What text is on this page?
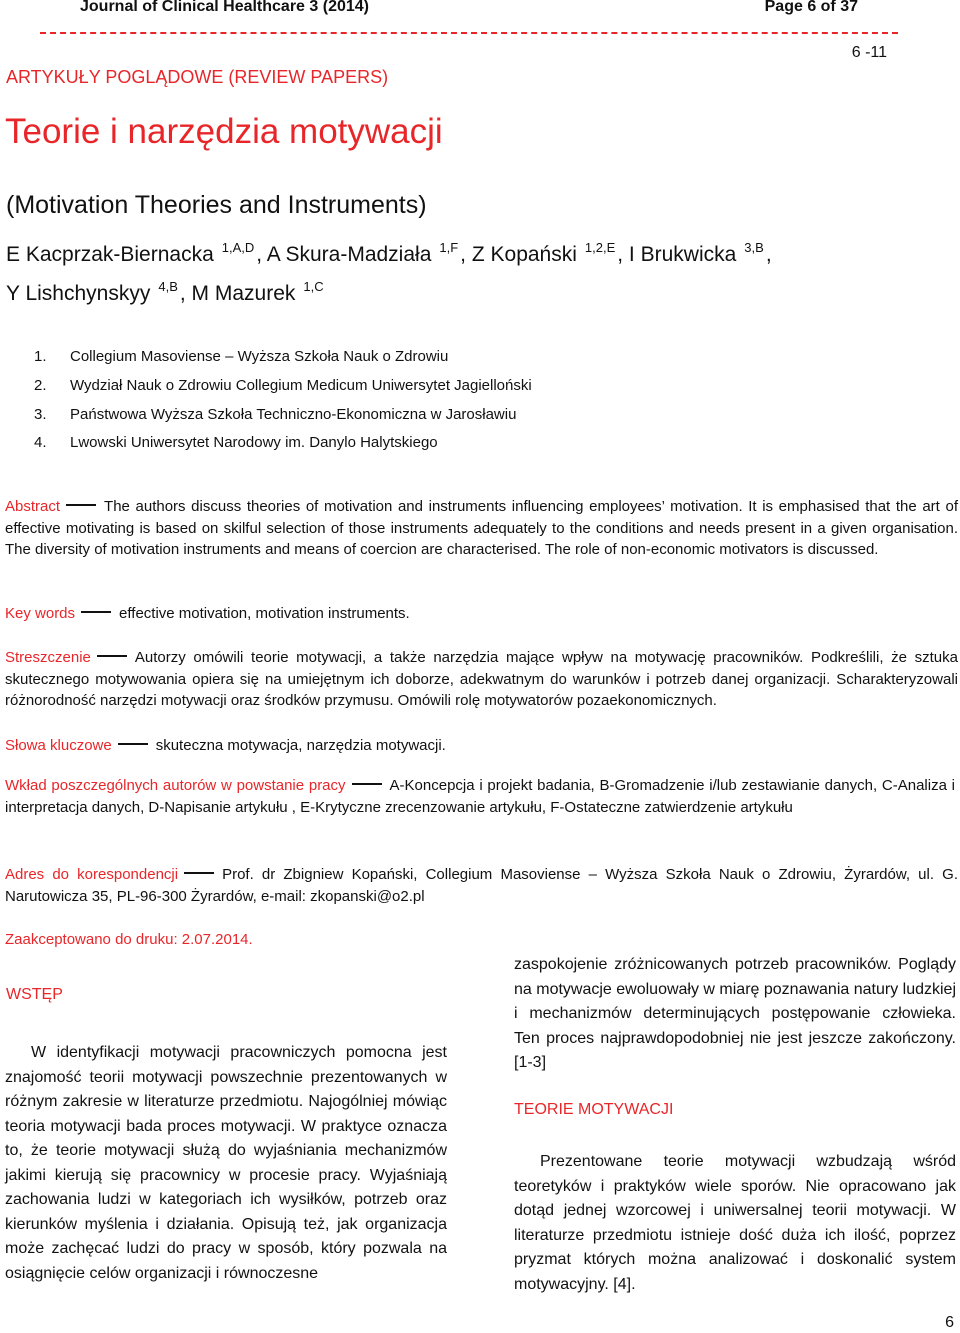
Journal of Clinical Healthcare 3 (2014)	Page 6 of 37
6 -11
ARTYKUŁY POGLĄDOWE (REVIEW PAPERS)
Teorie i narzędzia motywacji
(Motivation Theories and Instruments)
E Kacprzak-Biernacka $^{1,A,D}$, A Skura-Madziała $^{1,F}$, Z Kopański $^{1,2,E}$, I Brukwicka $^{3,B}$,
Y Lishchynskyy $^{4,B}$, M Mazurek $^{1,C}$
1. Collegium Masoviense – Wyższa Szkoła Nauk o Zdrowiu
2. Wydział Nauk o Zdrowiu Collegium Medicum Uniwersytet Jagielloński
3. Państwowa Wyższa Szkoła Techniczno-Ekonomiczna w Jarosławiu
4. Lwowski Uniwersytet Narodowy im. Danylo Halytskiego

Abstract	The authors discuss theories of motivation and instruments influencing employees’ motivation. It is emphasised that the art of effective motivating is based on skilful selection of those instruments adequately to the conditions and needs present in a given organisation. The diversity of motivation instruments and means of coercion are characterised. The role of non-economic motivators is discussed.

Key words	effective motivation, motivation instruments.

Streszczenie	Autorzy omówili teorie motywacji, a także narzędzia mające wpływ na motywację pracowników. Podkreślili, że sztuka skutecznego motywowania opiera się na umiejętnym ich doborze, adekwatnym do warunków i potrzeb danej organizacji. Scharakteryzowali różnorodność narzędzi motywacji oraz środków przymusu. Omówili rolę motywatorów pozaekonomicznych.

Słowa kluczowe	skuteczna motywacja, narzędzia motywacji.

Wkład poszczególnych autorów w powstanie pracy	A-Koncepcja i projekt badania, B-Gromadzenie i/lub zestawianie danych, C-Analiza i interpretacja danych, D-Napisanie artykułu , E-Krytyczne zrecenzowanie artykułu, F-Ostateczne zatwierdzenie artykułu

Adres do korespondencji	Prof. dr Zbigniew Kopański, Collegium Masoviense – Wyższa Szkoła Nauk o Zdrowiu, Żyrardów, ul. G. Narutowicza 35, PL-96-300 Żyrardów, e-mail: zkopanski@o2.pl

Zaakceptowano do druku: 2.07.2014.
WSTĘP

W identyfikacji motywacji pracowniczych pomocna jest znajomość teorii motywacji powszechnie prezentowanych w różnym zakresie w literaturze przedmiotu. Najogólniej mówiąc teoria motywacji bada proces motywacji. W praktyce oznacza to, że teorie motywacji służą do wyjaśniania mechanizmów jakimi kierują się pracownicy w procesie pracy. Wyjaśniają zachowania ludzi w kategoriach ich wysiłków, potrzeb oraz kierunków myślenia i działania. Opisują też, jak organizacja może zachęcać ludzi do pracy w sposób, który pozwala na osiągnięcie celów organizacji i równoczesne

zaspokojenie zróżnicowanych potrzeb pracowników. Poglądy na motywacje ewoluowały w miarę poznawania natury ludzkiej i mechanizmów determinujących postępowanie człowieka. Ten proces najprawdopodobniej nie jest jeszcze zakończony. [1-3]

TEORIE MOTYWACJI

Prezentowane teorie motywacji wzbudzają wśród teoretyków i praktyków wiele sporów. Nie opracowano jak dotąd jednej wzorcowej i uniwersalnej teorii motywacji. W literaturze przedmiotu istnieje dość duża ich ilość, poprzez pryzmat których można analizować i doskonalić system motywacyjny. [4].

6
